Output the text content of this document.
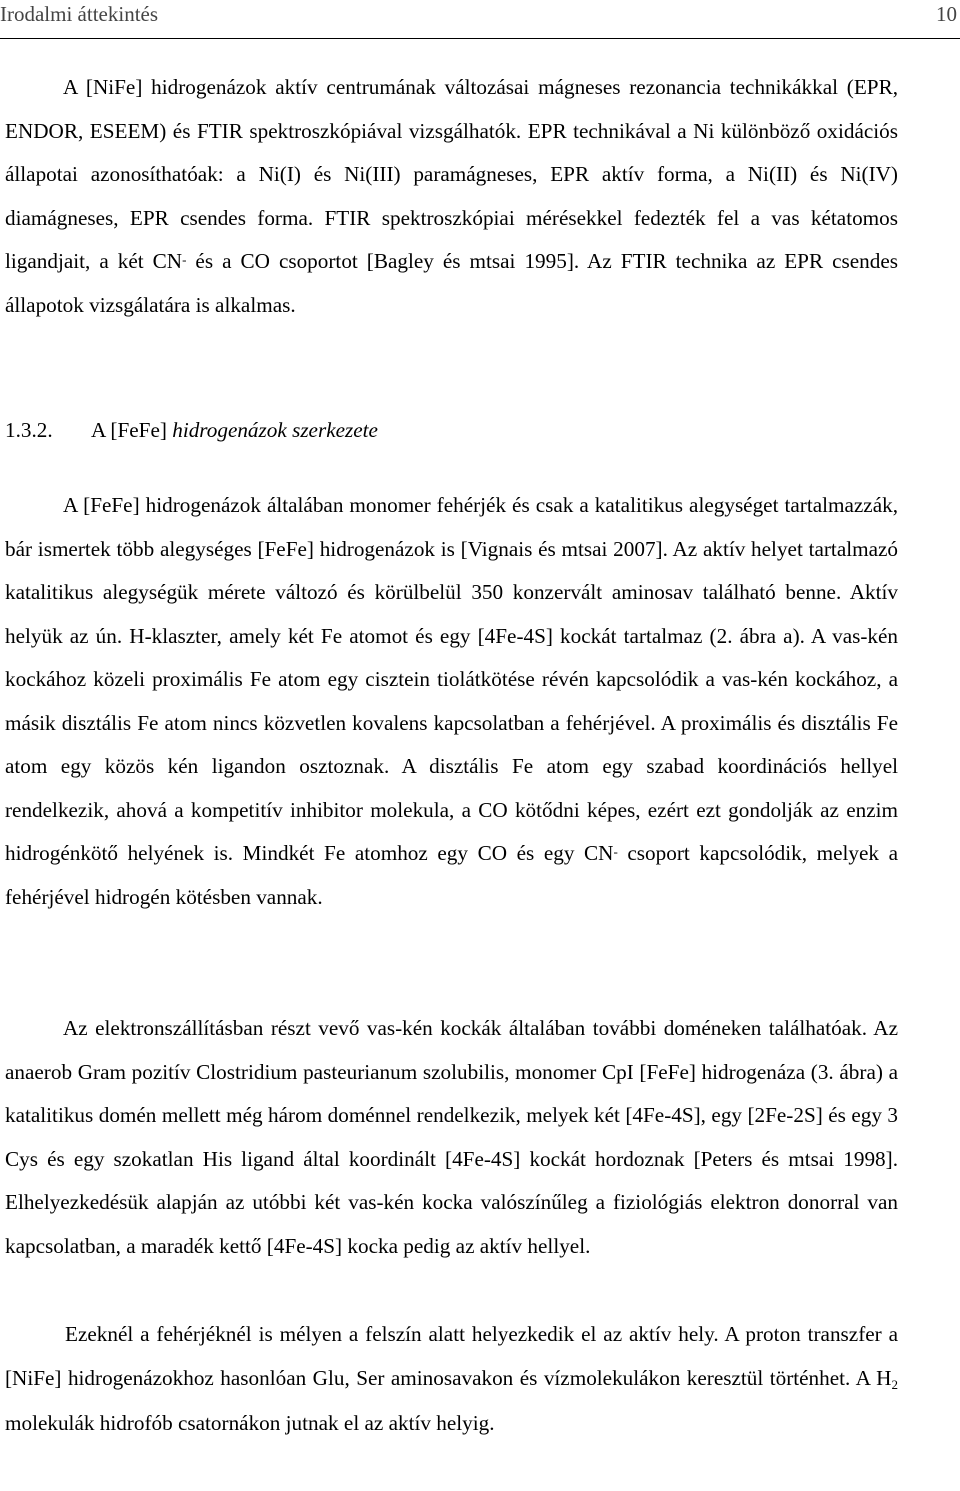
Irodalmi áttekintés	10

A [NiFe] hidrogenázok aktív centrumának változásai mágneses rezonancia technikákkal (EPR, ENDOR, ESEEM) és FTIR spektroszkópiával vizsgálhatók. EPR technikával a Ni különböző oxidációs állapotai azonosíthatóak: a Ni(I) és Ni(III) paramágneses, EPR aktív forma, a Ni(II) és Ni(IV) diamágneses, EPR csendes forma. FTIR spektroszkópiai mérésekkel fedezték fel a vas kétatomos ligandjait, a két CN- és a CO csoportot [Bagley és mtsai 1995]. Az FTIR technika az EPR csendes állapotok vizsgálatára is alkalmas.

1.3.2. A [FeFe] hidrogenázok szerkezete

A [FeFe] hidrogenázok általában monomer fehérjék és csak a katalitikus alegységet tartalmazzák, bár ismertek több alegységes [FeFe] hidrogenázok is [Vignais és mtsai 2007]. Az aktív helyet tartalmazó katalitikus alegységük mérete változó és körülbelül 350 konzervált aminosav található benne. Aktív helyük az ún. H-klaszter, amely két Fe atomot és egy [4Fe-4S] kockát tartalmaz (2. ábra a). A vas-kén kockához közeli proximális Fe atom egy cisztein tiolátkötése révén kapcsolódik a vas-kén kockához, a másik disztális Fe atom nincs közvetlen kovalens kapcsolatban a fehérjével. A proximális és disztális Fe atom egy közös kén ligandon osztoznak. A disztális Fe atom egy szabad koordinációs hellyel rendelkezik, ahová a kompetitív inhibitor molekula, a CO kötődni képes, ezért ezt gondolják az enzim hidrogénkötő helyének is. Mindkét Fe atomhoz egy CO és egy CN- csoport kapcsolódik, melyek a fehérjével hidrogén kötésben vannak.

Az elektronszállításban részt vevő vas-kén kockák általában további doméneken találhatóak. Az anaerob Gram pozitív Clostridium pasteurianum szolubilis, monomer CpI [FeFe] hidrogenáza (3. ábra) a katalitikus domén mellett még három doménnel rendelkezik, melyek két [4Fe-4S], egy [2Fe-2S] és egy 3 Cys és egy szokatlan His ligand által koordinált [4Fe-4S] kockát hordoznak [Peters és mtsai 1998]. Elhelyezkedésük alapján az utóbbi két vas-kén kocka valószínűleg a fiziológiás elektron donorral van kapcsolatban, a maradék kettő [4Fe-4S] kocka pedig az aktív hellyel.

Ezeknél a fehérjéknél is mélyen a felszín alatt helyezkedik el az aktív hely. A proton transzfer a [NiFe] hidrogenázokhoz hasonlóan Glu, Ser aminosavakon és vízmolekulákon keresztül történhet. A $H_2$ molekulák hidrofób csatornákon jutnak el az aktív helyig.
